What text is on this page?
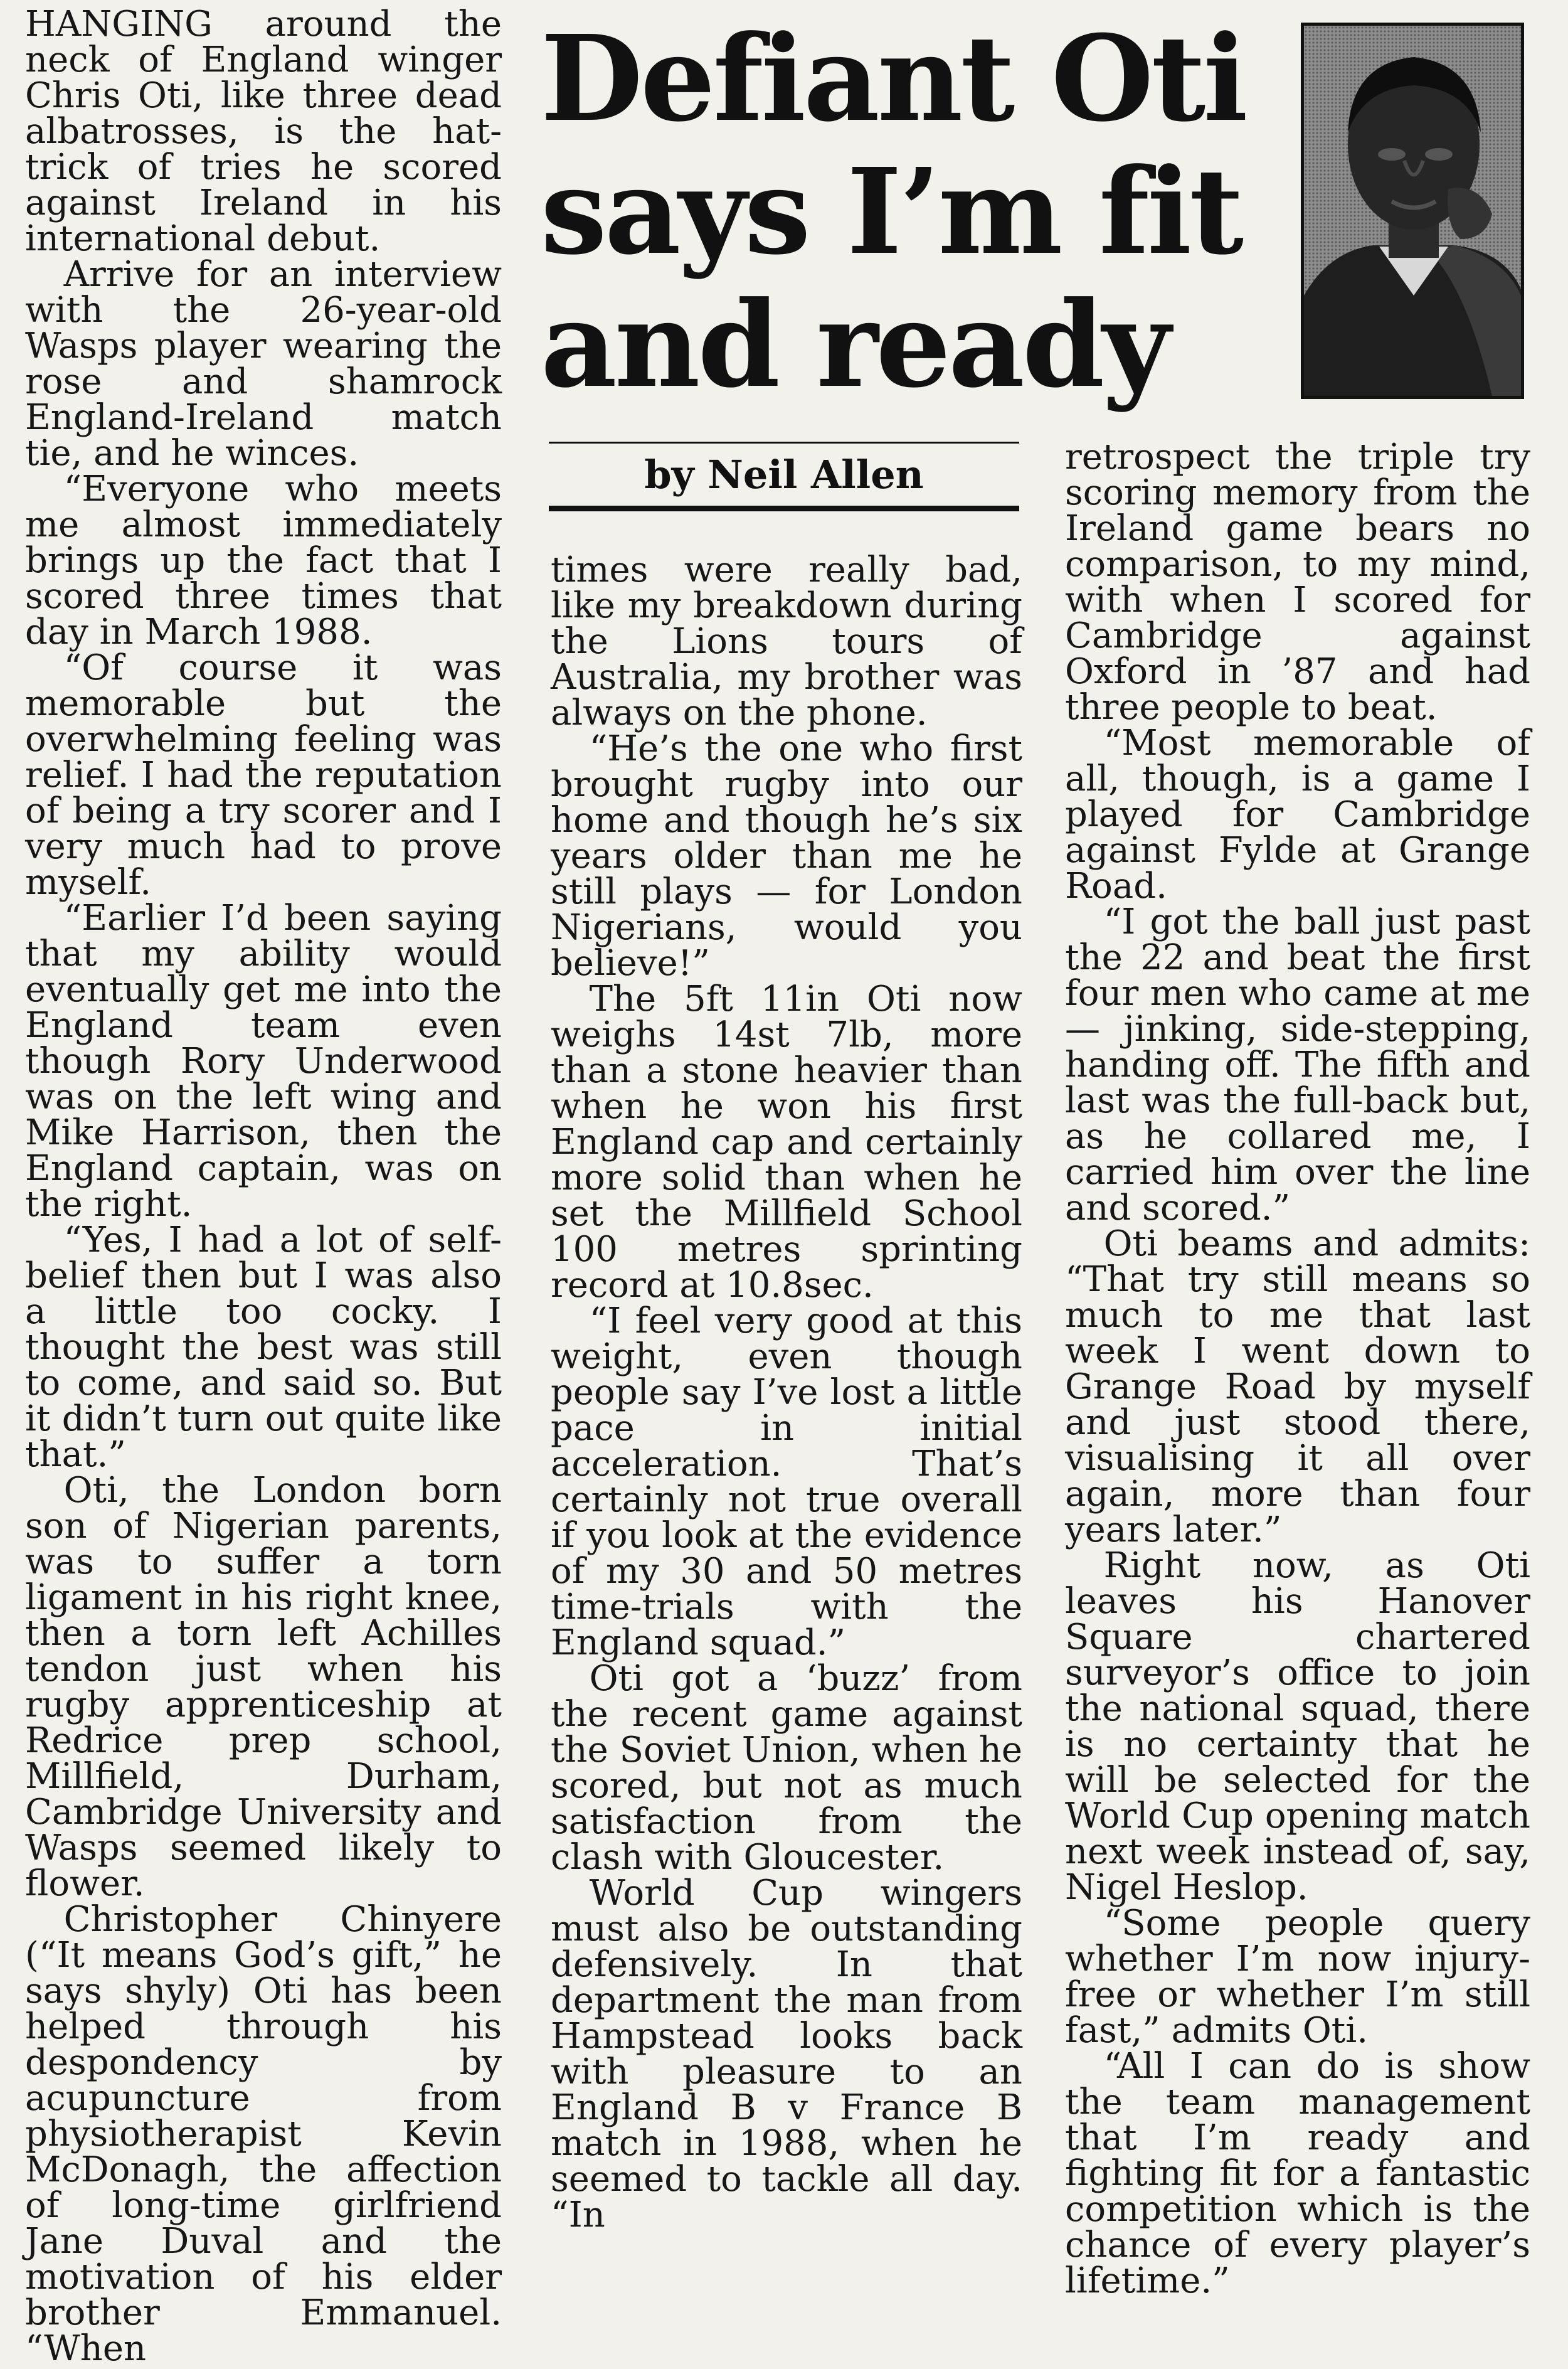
HANGING around the neck of England winger Chris Oti, like three dead albatrosses, is the hat-trick of tries he scored against Ireland in his international debut.

Arrive for an interview with the 26-year-old Wasps player wearing the rose and shamrock England-Ireland match tie, and he winces.

“Everyone who meets me almost immediately brings up the fact that I scored three times that day in March 1988.

“Of course it was memorable but the overwhelming feeling was relief. I had the reputation of being a try scorer and I very much had to prove myself.

“Earlier I’d been saying that my ability would eventually get me into the England team even though Rory Underwood was on the left wing and Mike Harrison, then the England captain, was on the right.

“Yes, I had a lot of self-belief then but I was also a little too cocky. I thought the best was still to come, and said so. But it didn’t turn out quite like that.”

Oti, the London born son of Nigerian parents, was to suffer a torn ligament in his right knee, then a torn left Achilles tendon just when his rugby apprenticeship at Redrice prep school, Millfield, Durham, Cambridge University and Wasps seemed likely to flower.

Christopher Chinyere (“It means God’s gift,” he says shyly) Oti has been helped through his despondency by acupuncture from physiotherapist Kevin McDonagh, the affection of long-time girlfriend Jane Duval and the motivation of his elder brother Emmanuel. “When

Defiant Oti says I’m fit and ready
by Neil Allen

times were really bad, like my breakdown during the Lions tours of Australia, my brother was always on the phone.

“He’s the one who first brought rugby into our home and though he’s six years older than me he still plays — for London Nigerians, would you believe!”

The 5ft 11in Oti now weighs 14st 7lb, more than a stone heavier than when he won his first England cap and certainly more solid than when he set the Millfield School 100 metres sprinting record at 10.8sec.

“I feel very good at this weight, even though people say I’ve lost a little pace in initial acceleration. That’s certainly not true overall if you look at the evidence of my 30 and 50 metres time-trials with the England squad.”

Oti got a ‘buzz’ from the recent game against the Soviet Union, when he scored, but not as much satisfaction from the clash with Gloucester.

World Cup wingers must also be outstanding defensively. In that department the man from Hampstead looks back with pleasure to an England B v France B match in 1988, when he seemed to tackle all day. “In

retrospect the triple try scoring memory from the Ireland game bears no comparison, to my mind, with when I scored for Cambridge against Oxford in ’87 and had three people to beat.

“Most memorable of all, though, is a game I played for Cambridge against Fylde at Grange Road.

“I got the ball just past the 22 and beat the first four men who came at me — jinking, side-stepping, handing off. The fifth and last was the full-back but, as he collared me, I carried him over the line and scored.”

Oti beams and admits: “That try still means so much to me that last week I went down to Grange Road by myself and just stood there, visualising it all over again, more than four years later.”

Right now, as Oti leaves his Hanover Square chartered surveyor’s office to join the national squad, there is no certainty that he will be selected for the World Cup opening match next week instead of, say, Nigel Heslop.

“Some people query whether I’m now injury-free or whether I’m still fast,” admits Oti.

“All I can do is show the team management that I’m ready and fighting fit for a fantastic competition which is the chance of every player’s lifetime.”
